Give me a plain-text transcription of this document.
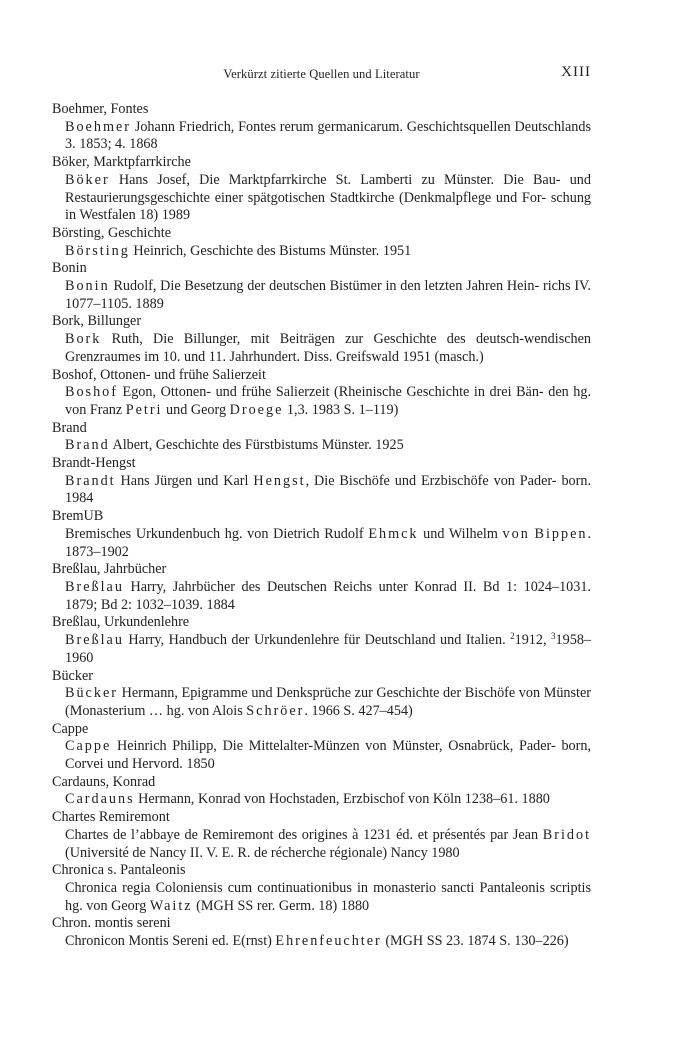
Verkürzt zitierte Quellen und Literatur	XIII
Boehmer, Fontes
Boehmer Johann Friedrich, Fontes rerum germanicarum. Geschichtsquellen Deutschlands 3. 1853; 4. 1868
Böker, Marktpfarrkirche
Böker Hans Josef, Die Marktpfarrkirche St. Lamberti zu Münster. Die Bau- und Restaurierungsgeschichte einer spätgotischen Stadtkirche (Denkmalpflege und For- schung in Westfalen 18) 1989
Börsting, Geschichte
Börsting Heinrich, Geschichte des Bistums Münster. 1951
Bonin
Bonin Rudolf, Die Besetzung der deutschen Bistümer in den letzten Jahren Hein- richs IV. 1077–1105. 1889
Bork, Billunger
Bork Ruth, Die Billunger, mit Beiträgen zur Geschichte des deutsch-wendischen Grenzraumes im 10. und 11. Jahrhundert. Diss. Greifswald 1951 (masch.)
Boshof, Ottonen- und frühe Salierzeit
Boshof Egon, Ottonen- und frühe Salierzeit (Rheinische Geschichte in drei Bän- den hg. von Franz Petri und Georg Droege 1,3. 1983 S. 1–119)
Brand
Brand Albert, Geschichte des Fürstbistums Münster. 1925
Brandt-Hengst
Brandt Hans Jürgen und Karl Hengst, Die Bischöfe und Erzbischöfe von Pader- born. 1984
BremUB
Bremisches Urkundenbuch hg. von Dietrich Rudolf Ehmck und Wilhelm von Bippen. 1873–1902
Breßlau, Jahrbücher
Breßlau Harry, Jahrbücher des Deutschen Reichs unter Konrad II. Bd 1: 1024–1031. 1879; Bd 2: 1032–1039. 1884
Breßlau, Urkundenlehre
Breßlau Harry, Handbuch der Urkundenlehre für Deutschland und Italien. $^2$1912, $^3$1958–1960
Bücker
Bücker Hermann, Epigramme und Denksprüche zur Geschichte der Bischöfe von Münster (Monasterium … hg. von Alois Schröer. 1966 S. 427–454)
Cappe
Cappe Heinrich Philipp, Die Mittelalter-Münzen von Münster, Osnabrück, Pader- born, Corvei und Hervord. 1850
Cardauns, Konrad
Cardauns Hermann, Konrad von Hochstaden, Erzbischof von Köln 1238–61. 1880
Chartes Remiremont
Chartes de l’abbaye de Remiremont des origines à 1231 éd. et présentés par Jean Bridot (Université de Nancy II. V. E. R. de récherche régionale) Nancy 1980
Chronica s. Pantaleonis
Chronica regia Coloniensis cum continuationibus in monasterio sancti Pantaleonis scriptis hg. von Georg Waitz (MGH SS rer. Germ. 18) 1880
Chron. montis sereni
Chronicon Montis Sereni ed. E(rnst) Ehrenfeuchter (MGH SS 23. 1874 S. 130–226)
